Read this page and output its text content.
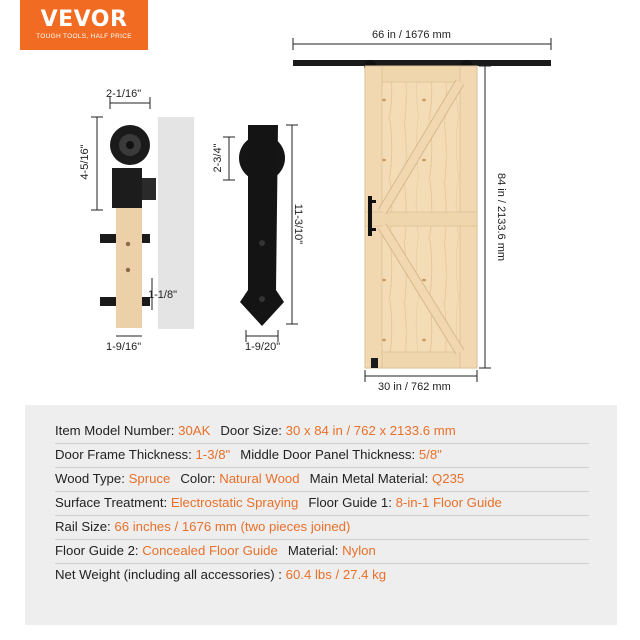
VEVOR
TOUGH TOOLS, HALF PRICE
2-1/16"
4-5/16"
1-1/8"
1-9/16"
2-3/4"
11-3/10"
1-9/20"
66 in / 1676 mm
84 in / 2133.6 mm
30 in / 762 mm
Item Model Number: 30AK Door Size: 30 x 84 in / 762 x 2133.6 mm
Door Frame Thickness: 1-3/8" Middle Door Panel Thickness: 5/8"
Wood Type: Spruce Color: Natural Wood Main Metal Material: Q235
Surface Treatment: Electrostatic Spraying Floor Guide 1: 8-in-1 Floor Guide
Rail Size: 66 inches / 1676 mm (two pieces joined)
Floor Guide 2: Concealed Floor Guide Material: Nylon
Net Weight (including all accessories) : 60.4 lbs / 27.4 kg
